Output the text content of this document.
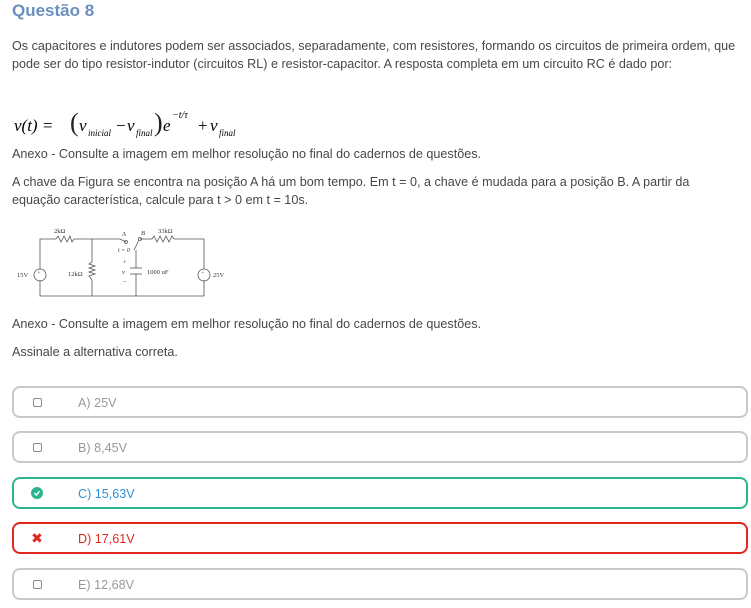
Questão 8

Os capacitores e indutores podem ser associados, separadamente, com resistores, formando os circuitos de primeira ordem, que pode ser do tipo resistor-indutor (circuitos RL) e resistor-capacitor. A resposta completa em um circuito RC é dado por:

v(t) = ( v inicial − v final ) e
−t/τ
+ v final

Anexo - Consulte a imagem em melhor resolução no final do cadernos de questões.

A chave da Figura se encontra na posição A há um bom tempo. Em t = 0, a chave é mudada para a posição B. A partir da equação característica, calcule para t > 0 em t = 10s.

2kΩ
12kΩ
33kΩ
15V	25V
1000 uF
t = 0
A B
v
+
−
+	+

Anexo - Consulte a imagem em melhor resolução no final do cadernos de questões.

Assinale a alternativa correta.

A) 25V
B) 8,45V
C) 15,63V
✖	D) 17,61V
E) 12,68V
